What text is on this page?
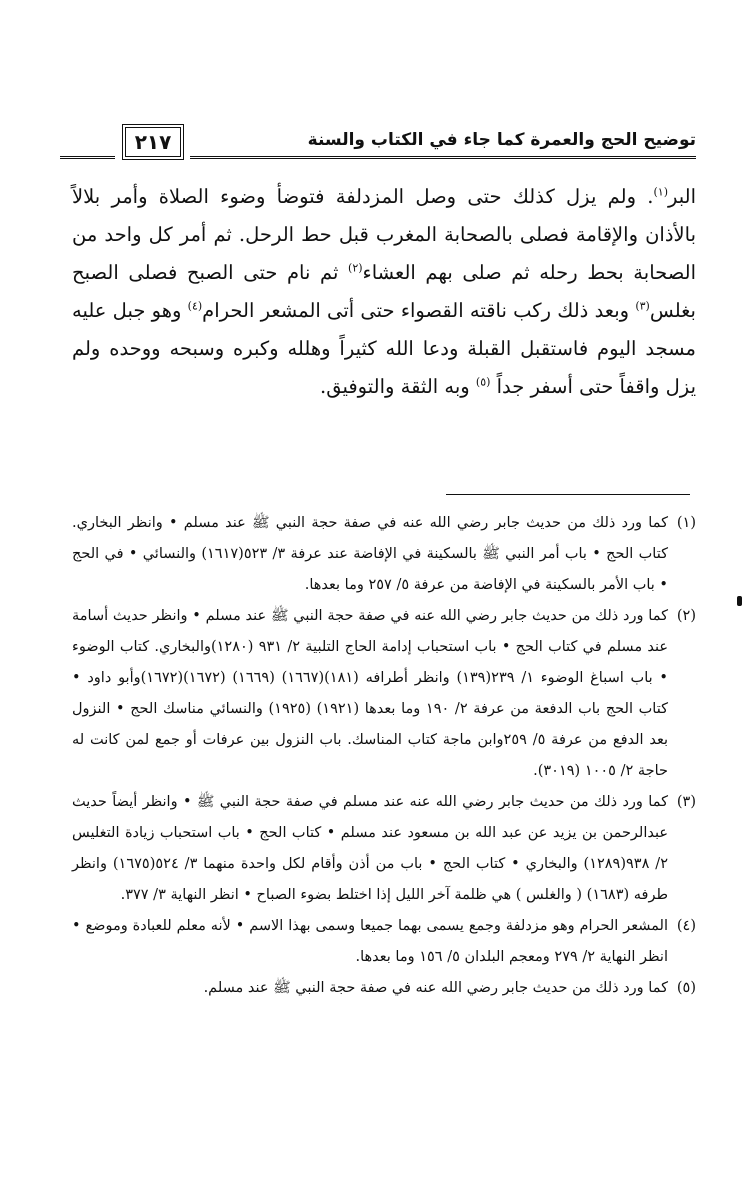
توضيح الحج والعمرة كما جاء في الكتاب والسنة
٢١٧

البر$^{(١)}$. ولم يزل كذلك حتى وصل المزدلفة فتوضأ وضوء الصلاة وأمر بلالاً بالأذان والإقامة فصلى بالصحابة المغرب قبل حط الرحل. ثم أمر كل واحد من الصحابة بحط رحله ثم صلى بهم العشاء$^{(٢)}$ ثم نام حتى الصبح فصلى الصبح بغلس$^{(٣)}$ وبعد ذلك ركب ناقته القصواء حتى أتى المشعر الحرام$^{(٤)}$ وهو جبل عليه مسجد اليوم فاستقبل القبلة ودعا الله كثيراً وهلله وكبره وسبحه ووحده ولم يزل واقفاً حتى أسفر جداً $^{(٥)}$ وبه الثقة والتوفيق.

(١)
كما ورد ذلك من حديث جابر رضي الله عنه في صفة حجة النبي ﷺ عند مسلم • وانظر البخاري. كتاب الحج • باب أمر النبي ﷺ بالسكينة في الإفاضة عند عرفة ٣/ ٥٢٣(١٦١٧) والنسائي • في الحج • باب الأمر بالسكينة في الإفاضة من عرفة ٥/ ٢٥٧ وما بعدها.
(٢)
كما ورد ذلك من حديث جابر رضي الله عنه في صفة حجة النبي ﷺ عند مسلم • وانظر حديث أسامة عند مسلم في كتاب الحج • باب استحباب إدامة الحاج التلبية ٢/ ٩٣١ (١٢٨٠)والبخاري. كتاب الوضوء • باب اسباغ الوضوء ١/ ٢٣٩(١٣٩) وانظر أطرافه (١٨١)(١٦٦٧) (١٦٦٩) (١٦٧٢)(١٦٧٢)وأبو داود • كتاب الحج باب الدفعة من عرفة ٢/ ١٩٠ وما بعدها (١٩٢١) (١٩٢٥) والنسائي مناسك الحج • النزول بعد الدفع من عرفة ٥/ ٢٥٩وابن ماجة كتاب المناسك. باب النزول بين عرفات أو جمع لمن كانت له حاجة ٢/ ١٠٠٥ (٣٠١٩).
(٣)
كما ورد ذلك من حديث جابر رضي الله عنه عند مسلم في صفة حجة النبي ﷺ • وانظر أيضاً حديث عبدالرحمن بن يزيد عن عبد الله بن مسعود عند مسلم • كتاب الحج • باب استحباب زيادة التغليس ٢/ ٩٣٨(١٢٨٩) والبخاري • كتاب الحج • باب من أذن وأقام لكل واحدة منهما ٣/ ٥٢٤(١٦٧٥) وانظر طرفه (١٦٨٣) ( والغلس ) هي ظلمة آخر الليل إذا اختلط بضوء الصباح • انظر النهاية ٣/ ٣٧٧.
(٤)
المشعر الحرام وهو مزدلفة وجمع يسمى بهما جميعا وسمى بهذا الاسم • لأنه معلم للعبادة وموضع • انظر النهاية ٢/ ٢٧٩ ومعجم البلدان ٥/ ١٥٦ وما بعدها.
(٥)
كما ورد ذلك من حديث جابر رضي الله عنه في صفة حجة النبي ﷺ عند مسلم.
